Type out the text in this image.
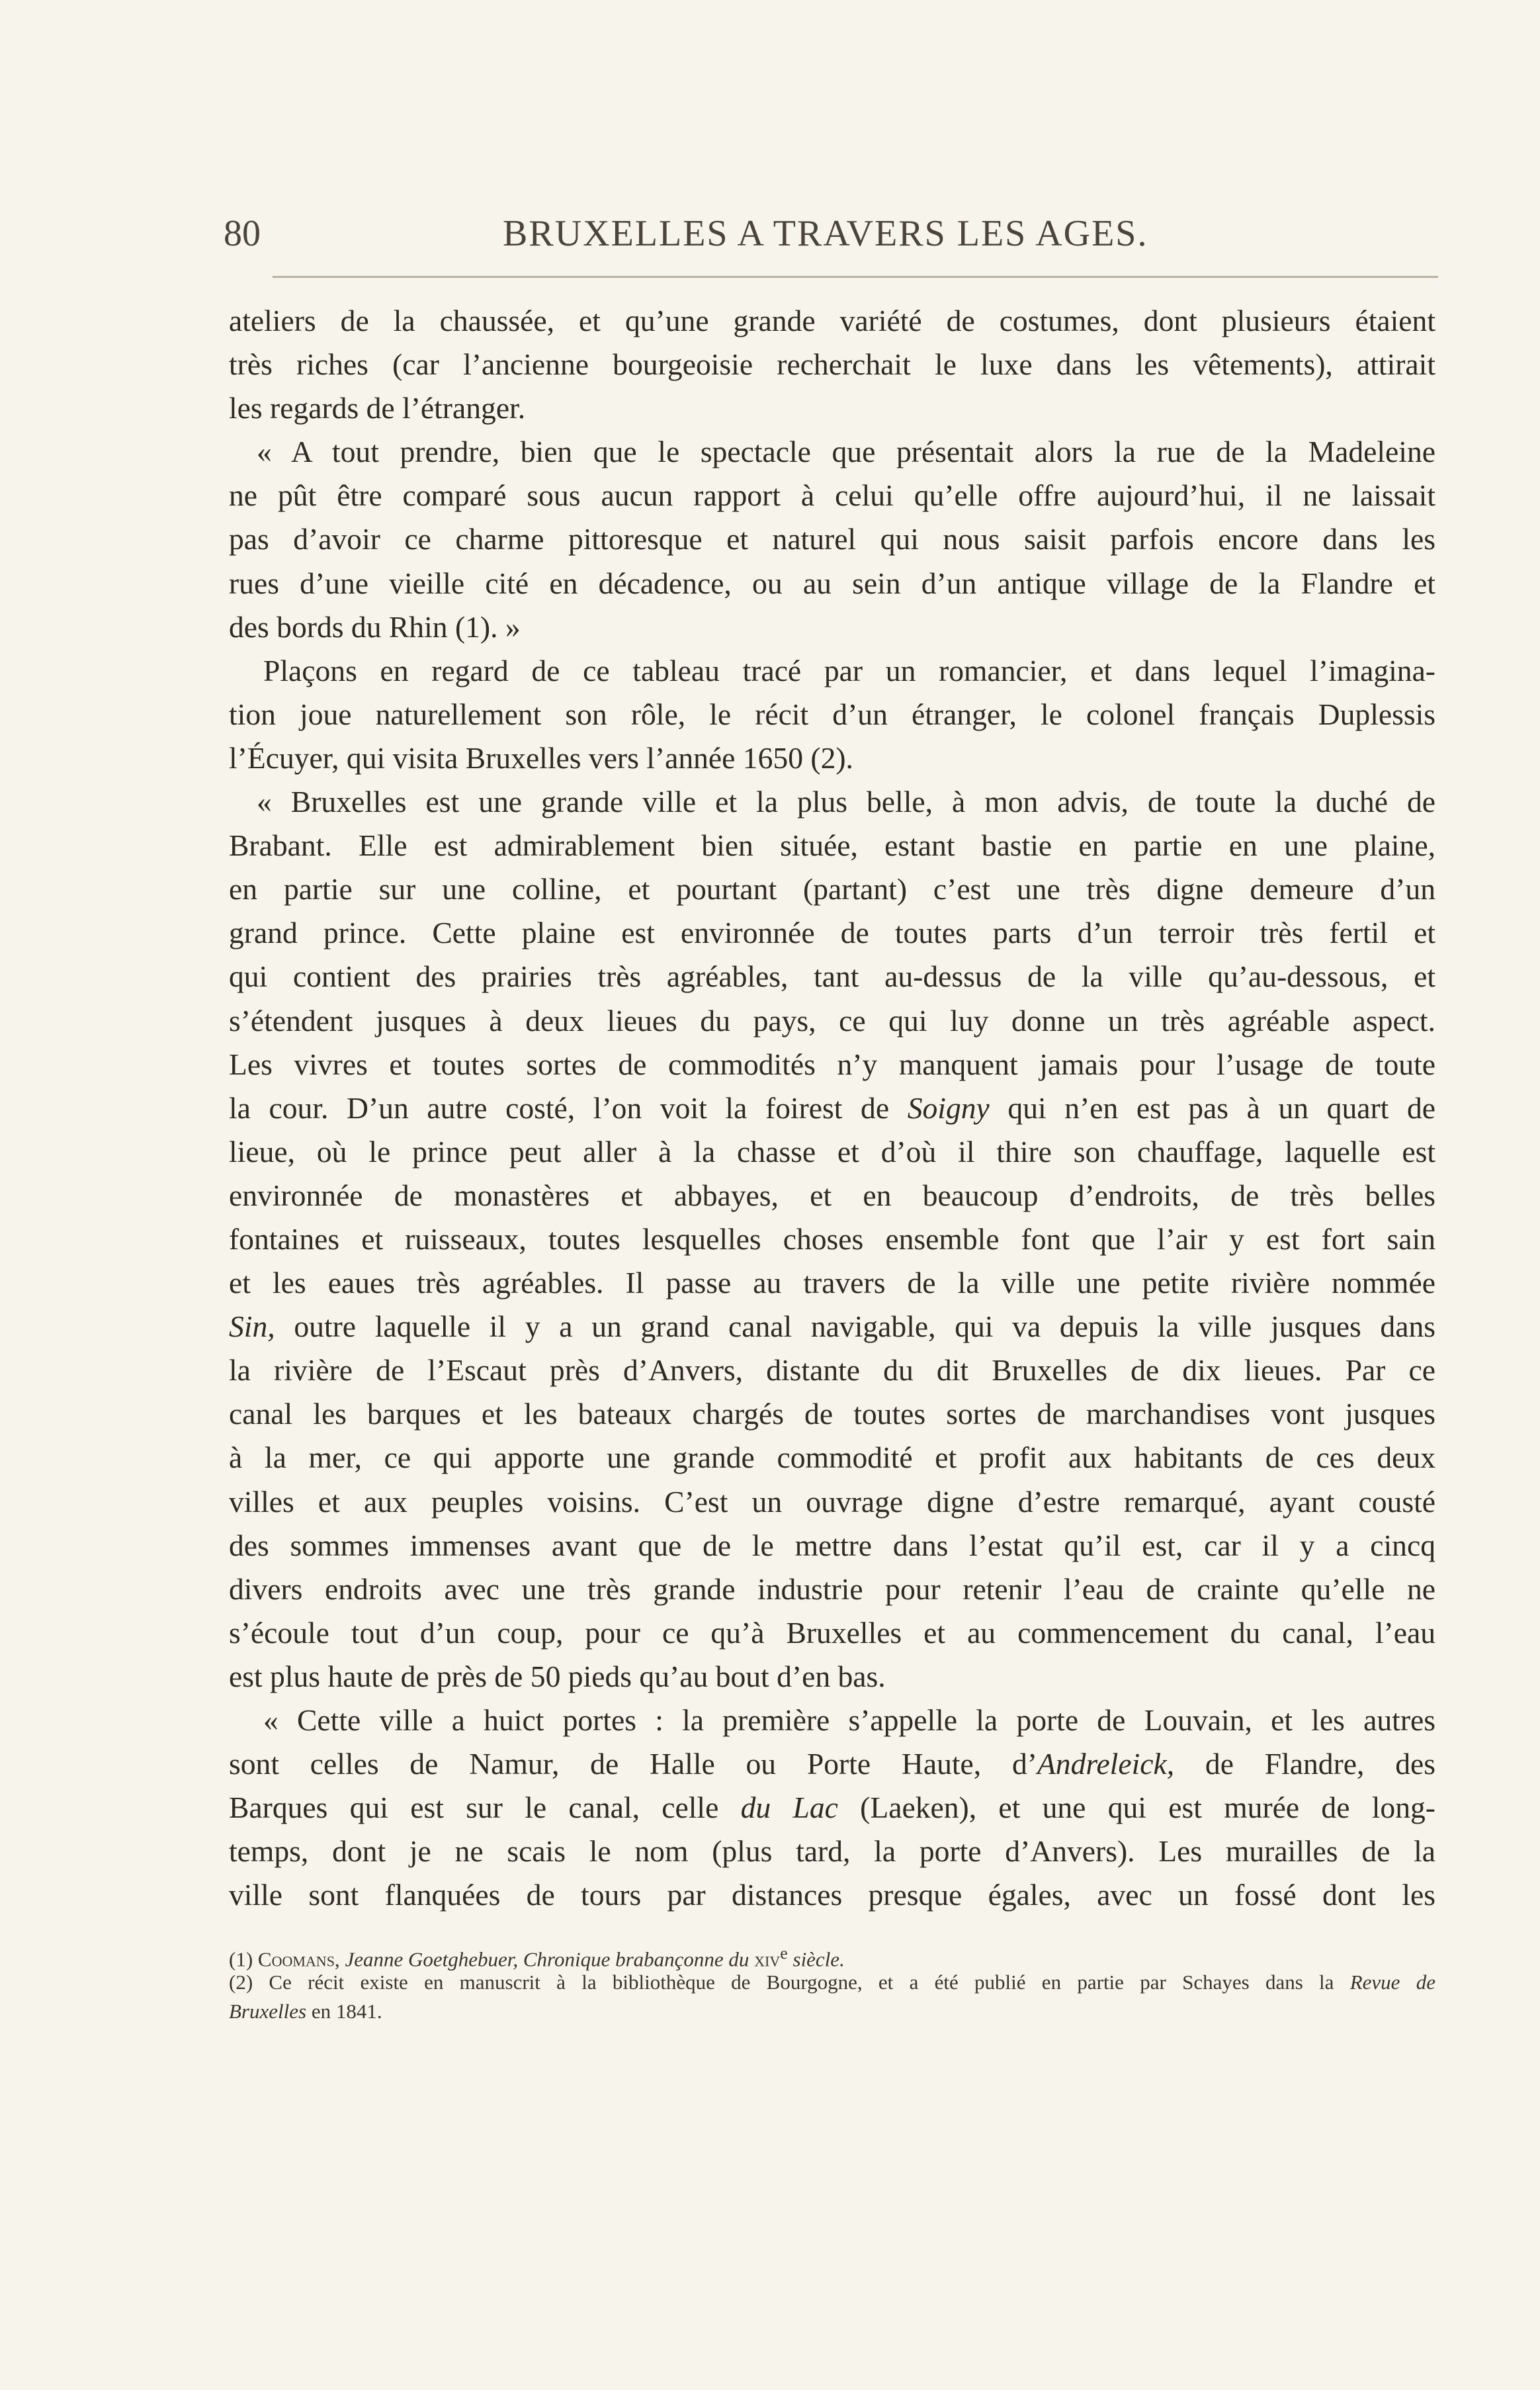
80	BRUXELLES A TRAVERS LES AGES.
ateliers de la chaussée, et qu’une grande variété de costumes, dont plusieurs étaient
très riches (car l’ancienne bourgeoisie recherchait le luxe dans les vêtements), attirait
les regards de l’étranger.
« A tout prendre, bien que le spectacle que présentait alors la rue de la Madeleine
ne pût être comparé sous aucun rapport à celui qu’elle offre aujourd’hui, il ne laissait
pas d’avoir ce charme pittoresque et naturel qui nous saisit parfois encore dans les
rues d’une vieille cité en décadence, ou au sein d’un antique village de la Flandre et
des bords du Rhin (1). »
Plaçons en regard de ce tableau tracé par un romancier, et dans lequel l’imagina-
tion joue naturellement son rôle, le récit d’un étranger, le colonel français Duplessis
l’Écuyer, qui visita Bruxelles vers l’année 1650 (2).
« Bruxelles est une grande ville et la plus belle, à mon advis, de toute la duché de
Brabant. Elle est admirablement bien située, estant bastie en partie en une plaine,
en partie sur une colline, et pourtant (partant) c’est une très digne demeure d’un
grand prince. Cette plaine est environnée de toutes parts d’un terroir très fertil et
qui contient des prairies très agréables, tant au-dessus de la ville qu’au-dessous, et
s’étendent jusques à deux lieues du pays, ce qui luy donne un très agréable aspect.
Les vivres et toutes sortes de commodités n’y manquent jamais pour l’usage de toute
la cour. D’un autre costé, l’on voit la foirest de Soigny qui n’en est pas à un quart de
lieue, où le prince peut aller à la chasse et d’où il thire son chauffage, laquelle est
environnée de monastères et abbayes, et en beaucoup d’endroits, de très belles
fontaines et ruisseaux, toutes lesquelles choses ensemble font que l’air y est fort sain
et les eaues très agréables. Il passe au travers de la ville une petite rivière nommée
Sin, outre laquelle il y a un grand canal navigable, qui va depuis la ville jusques dans
la rivière de l’Escaut près d’Anvers, distante du dit Bruxelles de dix lieues. Par ce
canal les barques et les bateaux chargés de toutes sortes de marchandises vont jusques
à la mer, ce qui apporte une grande commodité et profit aux habitants de ces deux
villes et aux peuples voisins. C’est un ouvrage digne d’estre remarqué, ayant cousté
des sommes immenses avant que de le mettre dans l’estat qu’il est, car il y a cincq
divers endroits avec une très grande industrie pour retenir l’eau de crainte qu’elle ne
s’écoule tout d’un coup, pour ce qu’à Bruxelles et au commencement du canal, l’eau
est plus haute de près de 50 pieds qu’au bout d’en bas.
« Cette ville a huict portes : la première s’appelle la porte de Louvain, et les autres
sont celles de Namur, de Halle ou Porte Haute, d’Andreleick, de Flandre, des
Barques qui est sur le canal, celle du Lac (Laeken), et une qui est murée de long-
temps, dont je ne scais le nom (plus tard, la porte d’Anvers). Les murailles de la
ville sont flanquées de tours par distances presque égales, avec un fossé dont les
(1) Coomans, Jeanne Goetghebuer, Chronique brabançonne du xiv$^e$ siècle.
(2) Ce récit existe en manuscrit à la bibliothèque de Bourgogne, et a été publié en partie par Schayes dans la Revue de
Bruxelles en 1841.
